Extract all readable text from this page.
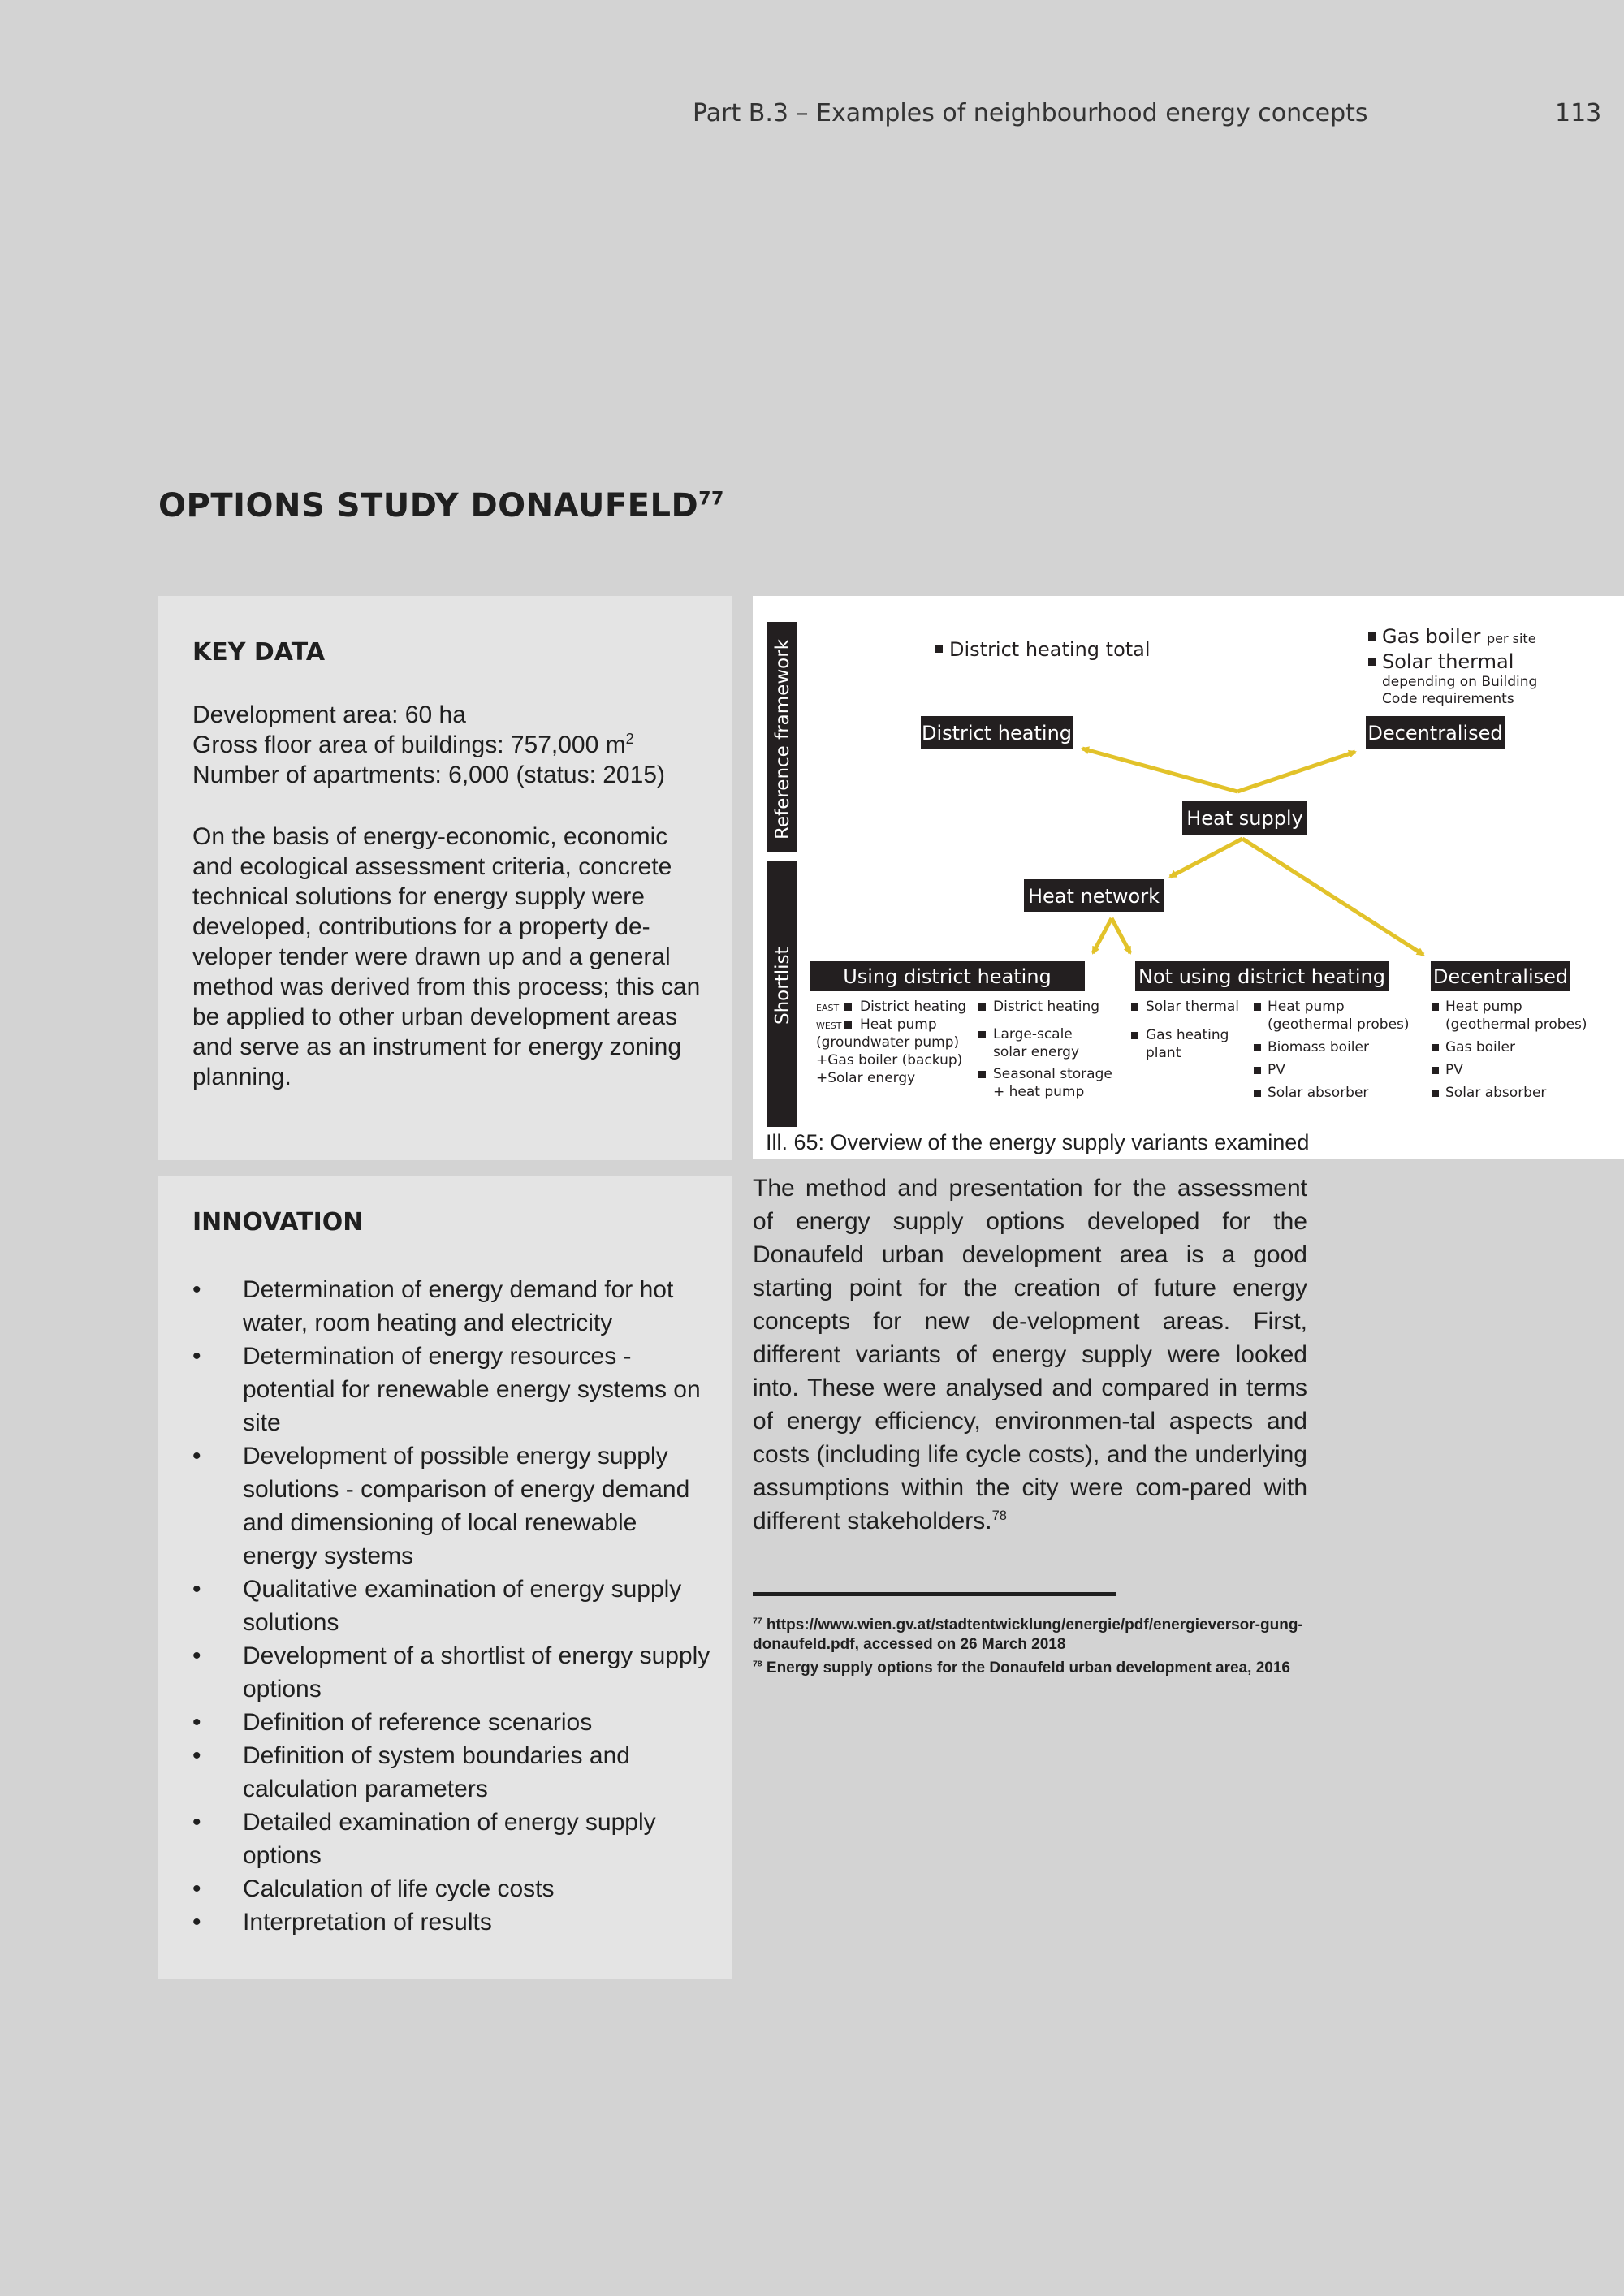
Part B.3 – Examples of neighbourhood energy concepts	113
OPTIONS STUDY DONAUFELD$^{77}$
KEY DATA
Development area: 60 ha
Gross floor area of buildings: 757,000 $m^2$
Number of apartments: 6,000 (status: 2015)
On the basis of energy-economic, economic and ecological assessment criteria, concrete technical solutions for energy supply were developed, contributions for a property de-veloper tender were drawn up and a general method was derived from this process; this can be applied to other urban development areas and serve as an instrument for energy zoning planning.
INNOVATION
• Determination of energy demand for hot water, room heating and electricity
• Determination of energy resources - potential for renewable energy systems on site
• Development of possible energy supply solutions - comparison of energy demand and dimensioning of local renewable energy systems
• Qualitative examination of energy supply solutions
• Development of a shortlist of energy supply options
• Definition of reference scenarios
• Definition of system boundaries and calculation parameters
• Detailed examination of energy supply options
• Calculation of life cycle costs
• Interpretation of results
Reference framework
Shortlist
District heating total
Gas boiler per site
Solar thermal
depending on Building
Code requirements
District heating	Decentralised
Heat supply
Heat network
Using district heating	Not using district heating Decentralised
EAST District heating
WEST Heat pump
(groundwater pump)
+Gas boiler (backup)
+Solar energy
District heating
Large-scale
solar energy
Seasonal storage
+ heat pump
Solar thermal
Gas heating
plant
Heat pump
(geothermal probes)
Biomass boiler
PV
Solar absorber
Heat pump
(geothermal probes)
Gas boiler
PV
Solar absorber
Ill. 65: Overview of the energy supply variants examined
The method and presentation for the assessment of energy supply options developed for the Donaufeld urban development area is a good starting point for the creation of future energy concepts for new de-velopment areas. First, different variants of energy supply were looked into. These were analysed and compared in terms of energy efficiency, environmen-tal aspects and costs (including life cycle costs), and the underlying assumptions within the city were com-pared with different stakeholders.$^{78}$
$^{77}$ https://www.wien.gv.at/stadtentwicklung/energie/pdf/energieversor-gung-donaufeld.pdf, accessed on 26 March 2018
$^{78}$ Energy supply options for the Donaufeld urban development area, 2016
